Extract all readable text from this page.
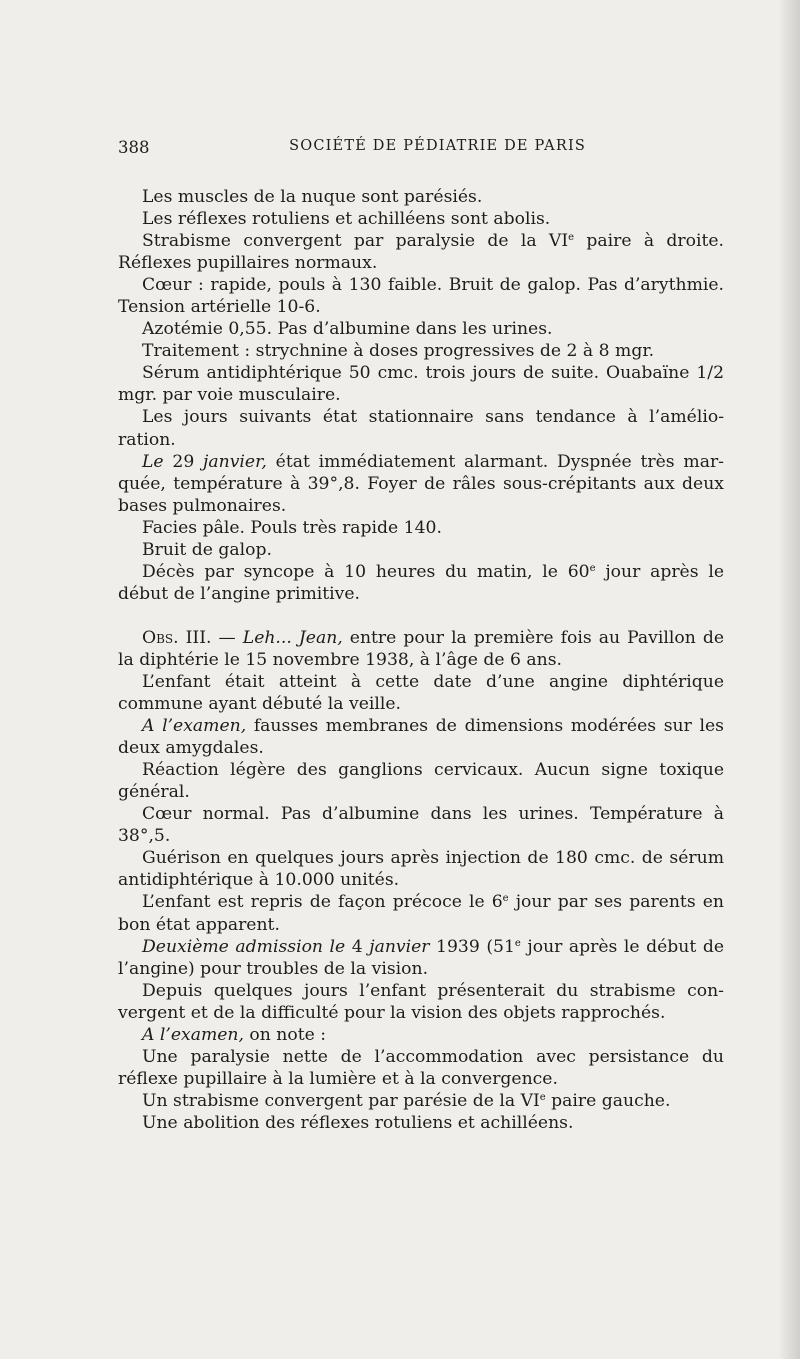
388	SOCIÉTÉ DE PÉDIATRIE DE PARIS

Les muscles de la nuque sont parésiés.

Les réflexes rotuliens et achilléens sont abolis.

Strabisme convergent par paralysie de la VIe paire à droite. Réflexes pupillaires normaux.

Cœur : rapide, pouls à 130 faible. Bruit de galop. Pas d’arythmie. Tension artérielle 10-6.

Azotémie 0,55. Pas d’albumine dans les urines.

Traitement : strychnine à doses progressives de 2 à 8 mgr.

Sérum antidiphtérique 50 cmc. trois jours de suite. Ouabaïne 1/2 mgr. par voie musculaire.

Les jours suivants état stationnaire sans tendance à l’amélio-ration.

Le 29 janvier, état immédiatement alarmant. Dyspnée très mar-quée, température à 39°,8. Foyer de râles sous-crépitants aux deux bases pulmonaires.

Facies pâle. Pouls très rapide 140.

Bruit de galop.

Décès par syncope à 10 heures du matin, le 60e jour après le début de l’angine primitive.

Obs. III. — Leh... Jean, entre pour la première fois au Pavillon de la diphtérie le 15 novembre 1938, à l’âge de 6 ans.

L’enfant était atteint à cette date d’une angine diphtérique commune ayant débuté la veille.

A l’examen, fausses membranes de dimensions modérées sur les deux amygdales.

Réaction légère des ganglions cervicaux. Aucun signe toxique général.

Cœur normal. Pas d’albumine dans les urines. Température à 38°,5.

Guérison en quelques jours après injection de 180 cmc. de sérum antidiphtérique à 10.000 unités.

L’enfant est repris de façon précoce le 6e jour par ses parents en bon état apparent.

Deuxième admission le 4 janvier 1939 (51e jour après le début de l’angine) pour troubles de la vision.

Depuis quelques jours l’enfant présenterait du strabisme con-vergent et de la difficulté pour la vision des objets rapprochés.

A l’examen, on note :

Une paralysie nette de l’accommodation avec persistance du réflexe pupillaire à la lumière et à la convergence.

Un strabisme convergent par parésie de la VIe paire gauche.

Une abolition des réflexes rotuliens et achilléens.
